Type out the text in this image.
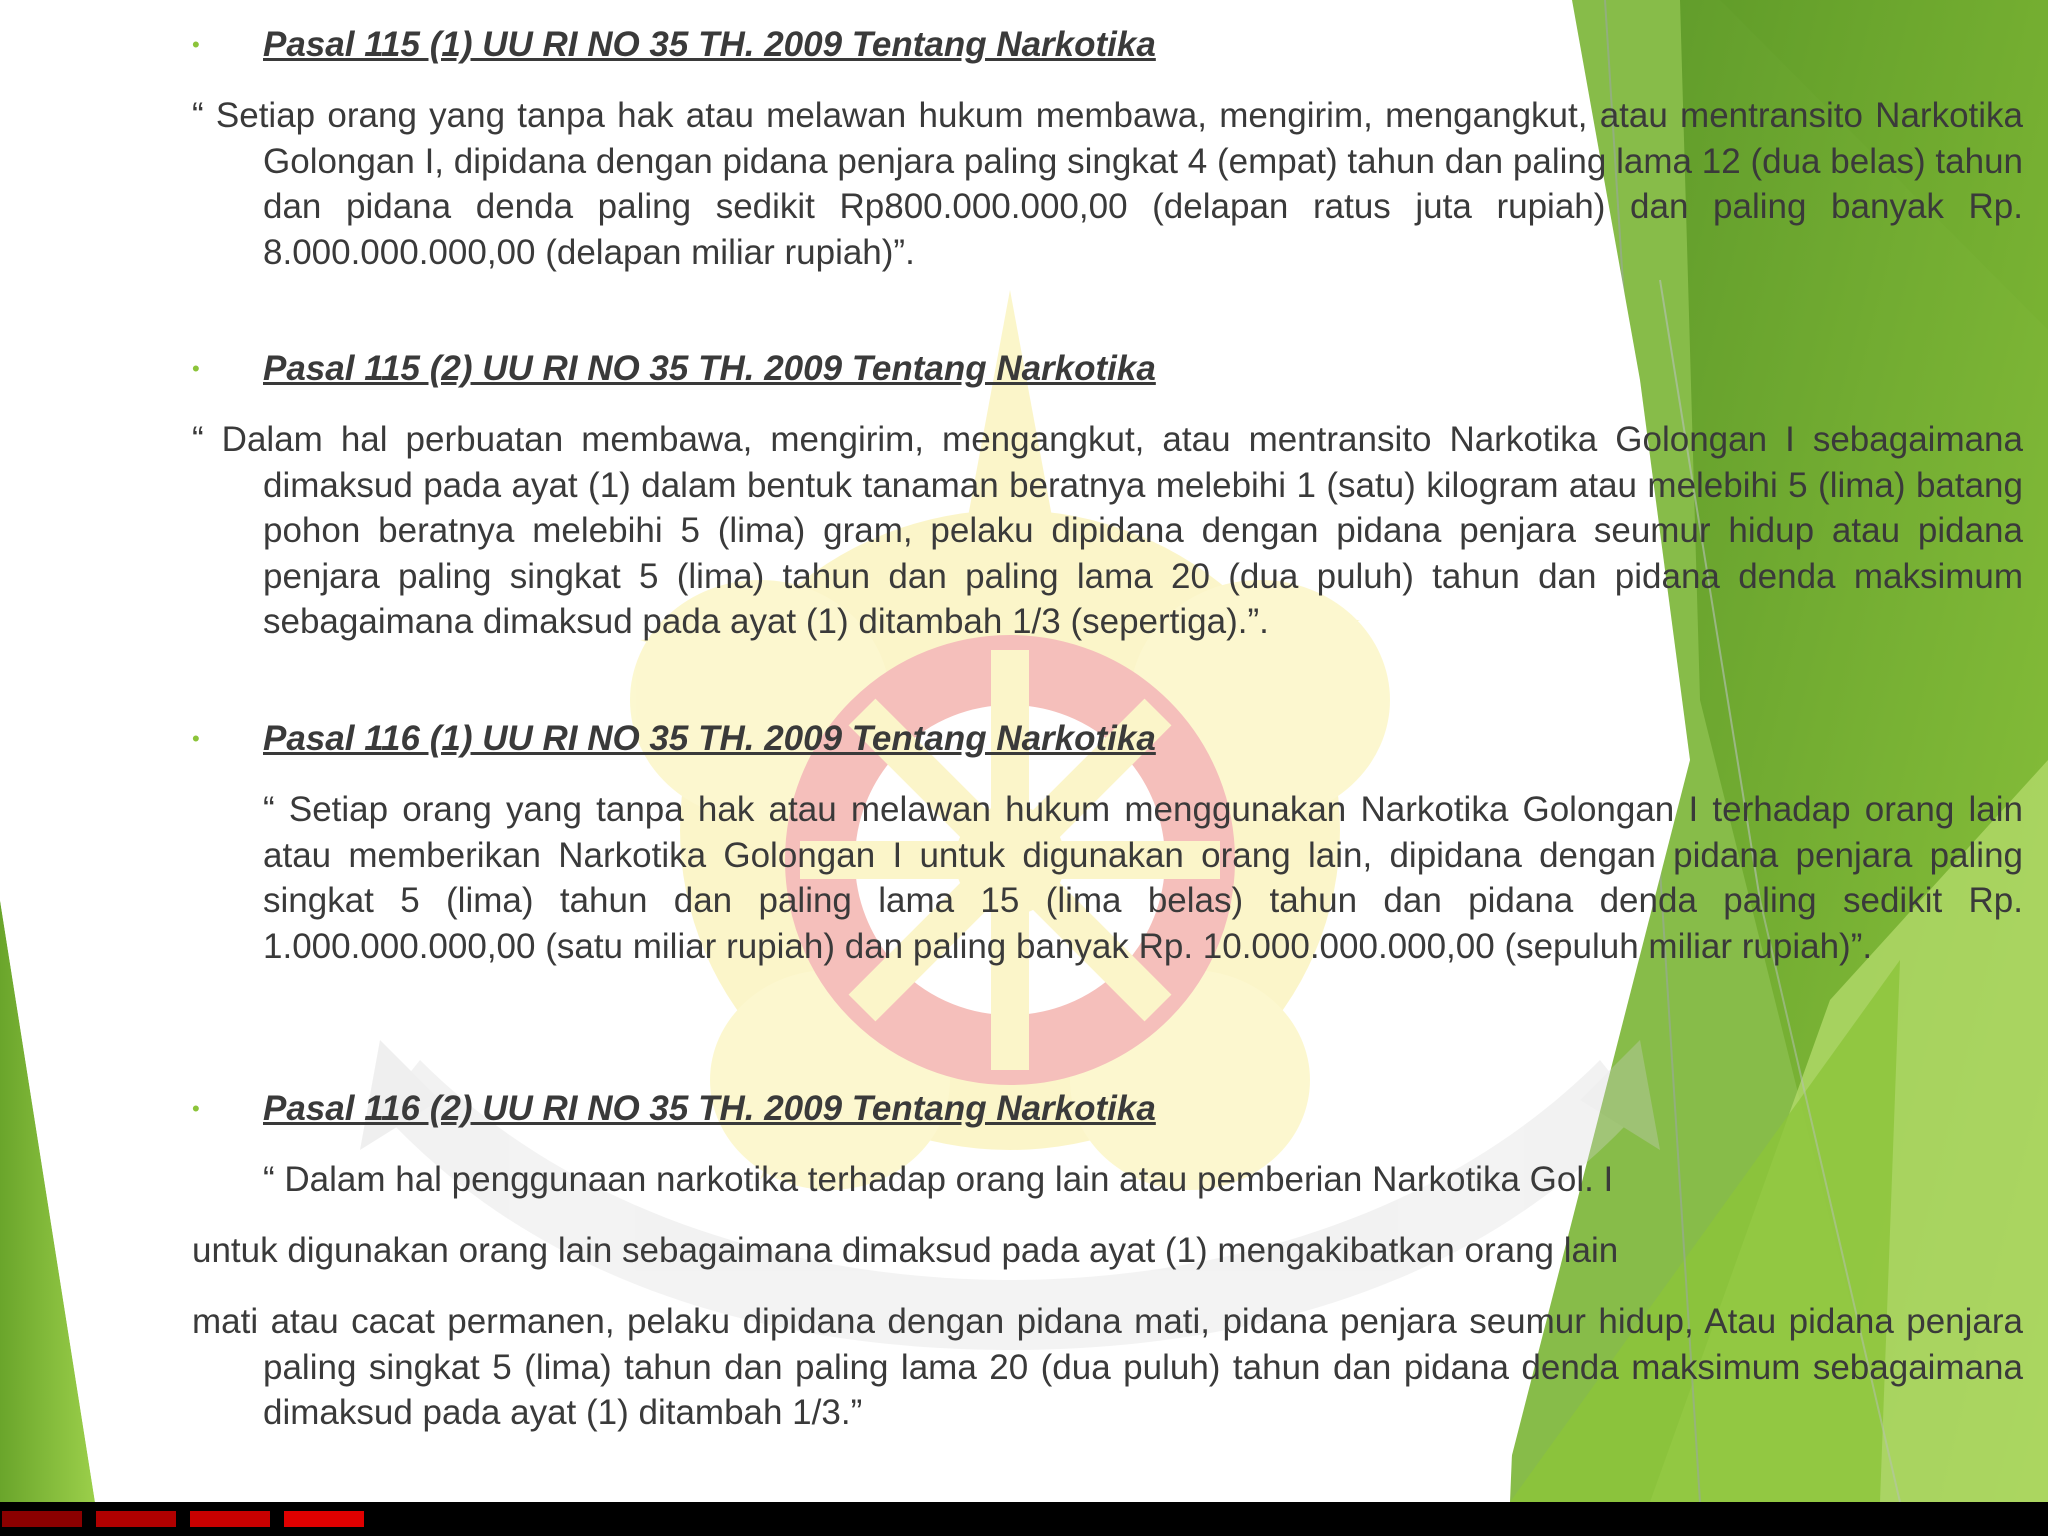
• Pasal 115 (1) UU RI NO 35 TH. 2009 Tentang Narkotika

“ Setiap orang yang tanpa hak atau melawan hukum membawa, mengirim, mengangkut, atau mentransito Narkotika Golongan I, dipidana dengan pidana penjara paling singkat 4 (empat) tahun dan paling lama 12 (dua belas) tahun dan pidana denda paling sedikit Rp800.000.000,00 (delapan ratus juta rupiah) dan paling banyak Rp. 8.000.000.000,00 (delapan miliar rupiah)”.

• Pasal 115 (2) UU RI NO 35 TH. 2009 Tentang Narkotika

“ Dalam hal perbuatan membawa, mengirim, mengangkut, atau mentransito Narkotika Golongan I sebagaimana dimaksud pada ayat (1) dalam bentuk tanaman beratnya melebihi 1 (satu) kilogram atau melebihi 5 (lima) batang pohon beratnya melebihi 5 (lima) gram, pelaku dipidana dengan pidana penjara seumur hidup atau pidana penjara paling singkat 5 (lima) tahun dan paling lama 20 (dua puluh) tahun dan pidana denda maksimum sebagaimana dimaksud pada ayat (1) ditambah 1/3 (sepertiga).”.

• Pasal 116 (1) UU RI NO 35 TH. 2009 Tentang Narkotika

“ Setiap orang yang tanpa hak atau melawan hukum menggunakan Narkotika Golongan I terhadap orang lain atau memberikan Narkotika Golongan I untuk digunakan orang lain, dipidana dengan pidana penjara paling singkat 5 (lima) tahun dan paling lama 15 (lima belas) tahun dan pidana denda paling sedikit Rp. 1.000.000.000,00 (satu miliar rupiah) dan paling banyak Rp. 10.000.000.000,00 (sepuluh miliar rupiah)”.

• Pasal 116 (2) UU RI NO 35 TH. 2009 Tentang Narkotika

“ Dalam hal penggunaan narkotika terhadap orang lain atau pemberian Narkotika Gol. I

untuk digunakan orang lain sebagaimana dimaksud pada ayat (1) mengakibatkan orang lain

mati atau cacat permanen, pelaku dipidana dengan pidana mati, pidana penjara seumur hidup, Atau pidana penjara paling singkat 5 (lima) tahun dan paling lama 20 (dua puluh) tahun dan pidana denda maksimum sebagaimana dimaksud pada ayat (1) ditambah 1/3.”
